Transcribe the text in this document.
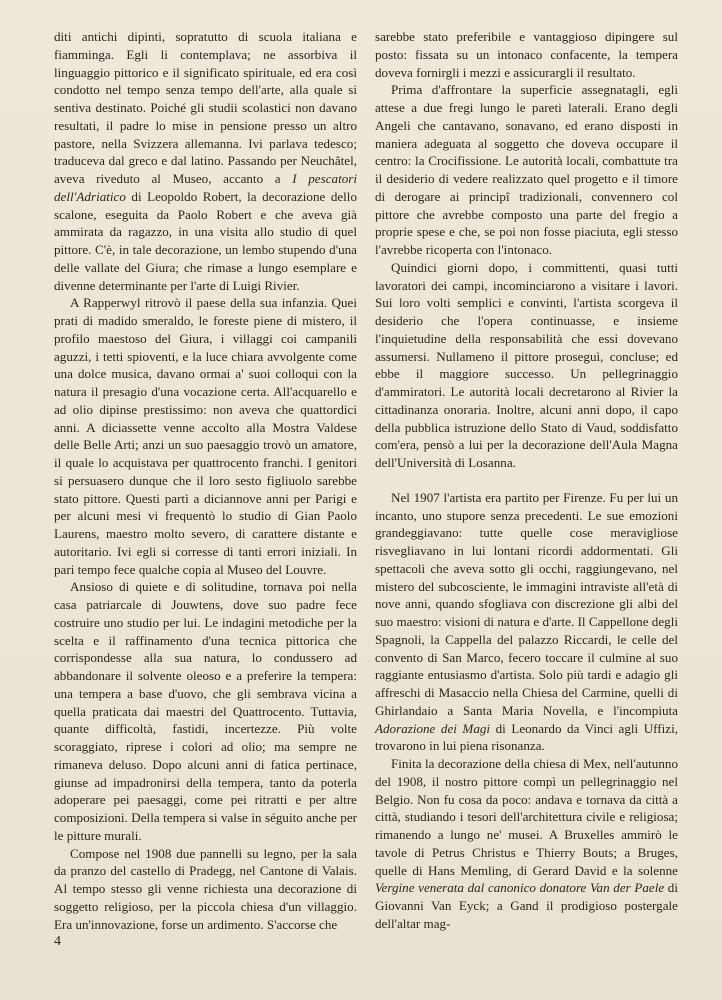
diti antichi dipinti, sopratutto di scuola italiana e fiamminga. Egli li contemplava; ne assorbiva il linguaggio pittorico e il significato spirituale, ed era così condotto nel tempo senza tempo dell'arte, alla quale si sentiva destinato. Poiché gli studii scolastici non davano resultati, il padre lo mise in pensione presso un altro pastore, nella Svizzera allemanna. Ivi parlava tedesco; traduceva dal greco e dal latino. Passando per Neuchâtel, aveva riveduto al Museo, accanto a I pescatori dell'Adriatico di Leopoldo Robert, la decorazione dello scalone, eseguita da Paolo Robert e che aveva già ammirata da ragazzo, in una visita allo studio di quel pittore. C'è, in tale decorazione, un lembo stupendo d'una delle vallate del Giura; che rimase a lungo esemplare e divenne determinante per l'arte di Luigi Rivier.

A Rapperwyl ritrovò il paese della sua infanzia. Quei prati di madido smeraldo, le foreste piene di mistero, il profilo maestoso del Giura, i villaggi coi campanili aguzzi, i tetti spioventi, e la luce chiara avvolgente come una dolce musica, davano ormai a' suoi colloqui con la natura il presagio d'una vocazione certa. All'acquarello e ad olio dipinse prestissimo: non aveva che quattordici anni. A diciassette venne accolto alla Mostra Valdese delle Belle Arti; anzi un suo paesaggio trovò un amatore, il quale lo acquistava per quattrocento franchi. I genitori si persuasero dunque che il loro sesto figliuolo sarebbe stato pittore. Questi partì a diciannove anni per Parigi e per alcuni mesi vi frequentò lo studio di Gian Paolo Laurens, maestro molto severo, di carattere distante e autoritario. Ivi egli si corresse di tanti errori iniziali. In pari tempo fece qualche copia al Museo del Louvre.

Ansioso di quiete e di solitudine, tornava poi nella casa patriarcale di Jouwtens, dove suo padre fece costruire uno studio per lui. Le indagini metodiche per la scelta e il raffinamento d'una tecnica pittorica che corrispondesse alla sua natura, lo condussero ad abbandonare il solvente oleoso e a preferire la tempera: una tempera a base d'uovo, che gli sembrava vicina a quella praticata dai maestri del Quattrocento. Tuttavia, quante difficoltà, fastidi, incertezze. Più volte scoraggiato, riprese i colori ad olio; ma sempre ne rimaneva deluso. Dopo alcuni anni di fatica pertinace, giunse ad impadronirsi della tempera, tanto da poterla adoperare pei paesaggi, come pei ritratti e per altre composizioni. Della tempera si valse in séguito anche per le pitture murali.

Compose nel 1908 due pannelli su legno, per la sala da pranzo del castello di Pradegg, nel Cantone di Valais. Al tempo stesso gli venne richiesta una decorazione di soggetto religioso, per la piccola chiesa d'un villaggio. Era un'innovazione, forse un ardimento. S'accorse che

sarebbe stato preferibile e vantaggioso dipingere sul posto: fissata su un intonaco confacente, la tempera doveva fornirgli i mezzi e assicurargli il resultato.

Prima d'affrontare la superficie assegnatagli, egli attese a due fregi lungo le pareti laterali. Erano degli Angeli che cantavano, sonavano, ed erano disposti in maniera adeguata al soggetto che doveva occupare il centro: la Crocifissione. Le autorità locali, combattute tra il desiderio di vedere realizzato quel progetto e il timore di derogare ai principî tradizionali, convennero col pittore che avrebbe composto una parte del fregio a proprie spese e che, se poi non fosse piaciuta, egli stesso l'avrebbe ricoperta con l'intonaco.

Quindici giorni dopo, i committenti, quasi tutti lavoratori dei campi, incominciarono a visitare i lavori. Sui loro volti semplici e convinti, l'artista scorgeva il desiderio che l'opera continuasse, e insieme l'inquietudine della responsabilità che essi dovevano assumersi. Nullameno il pittore proseguì, concluse; ed ebbe il maggiore successo. Un pellegrinaggio d'ammiratori. Le autorità locali decretarono al Rivier la cittadinanza onoraria. Inoltre, alcuni anni dopo, il capo della pubblica istruzione dello Stato di Vaud, soddisfatto com'era, pensò a lui per la decorazione dell'Aula Magna dell'Università di Losanna.

Nel 1907 l'artista era partito per Firenze. Fu per lui un incanto, uno stupore senza precedenti. Le sue emozioni grandeggiavano: tutte quelle cose meravigliose risvegliavano in lui lontani ricordi addormentati. Gli spettacoli che aveva sotto gli occhi, raggiungevano, nel mistero del subcosciente, le immagini intraviste all'età di nove anni, quando sfogliava con discrezione gli albi del suo maestro: visioni di natura e d'arte. Il Cappellone degli Spagnoli, la Cappella del palazzo Riccardi, le celle del convento di San Marco, fecero toccare il culmine al suo raggiante entusiasmo d'artista. Solo più tardi e adagio gli affreschi di Masaccio nella Chiesa del Carmine, quelli di Ghirlandaio a Santa Maria Novella, e l'incompiuta Adorazione dei Magi di Leonardo da Vinci agli Uffizi, trovarono in lui piena risonanza.

Finita la decorazione della chiesa di Mex, nell'autunno del 1908, il nostro pittore compì un pellegrinaggio nel Belgio. Non fu cosa da poco: andava e tornava da città a città, studiando i tesori dell'architettura civile e religiosa; rimanendo a lungo ne' musei. A Bruxelles ammirò le tavole di Petrus Christus e Thierry Bouts; a Bruges, quelle di Hans Memling, di Gerard David e la solenne Vergine venerata dal canonico donatore Van der Paele di Giovanni Van Eyck; a Gand il prodigioso postergale dell'altar mag-

4
